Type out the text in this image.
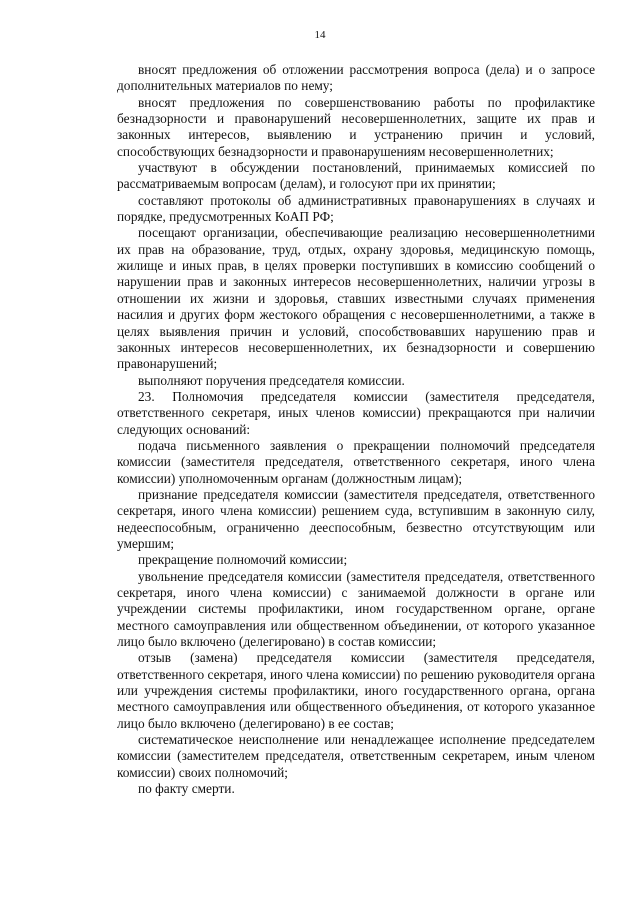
14

вносят предложения об отложении рассмотрения вопроса (дела) и о запросе дополнительных материалов по нему;

вносят предложения по совершенствованию работы по профилактике безнадзорности и правонарушений несовершеннолетних, защите их прав и законных интересов, выявлению и устранению причин и условий, способствующих безнадзорности и правонарушениям несовершеннолетних;

участвуют в обсуждении постановлений, принимаемых комиссией по рассматриваемым вопросам (делам), и голосуют при их принятии;

составляют протоколы об административных правонарушениях в случаях и порядке, предусмотренных КоАП РФ;

посещают организации, обеспечивающие реализацию несовершеннолетними их прав на образование, труд, отдых, охрану здоровья, медицинскую помощь, жилище и иных прав, в целях проверки поступивших в комиссию сообщений о нарушении прав и законных интересов несовершеннолетних, наличии угрозы в отношении их жизни и здоровья, ставших известными случаях применения насилия и других форм жестокого обращения с несовершеннолетними, а также в целях выявления причин и условий, способствовавших нарушению прав и законных интересов несовершеннолетних, их безнадзорности и совершению правонарушений;

выполняют поручения председателя комиссии.

23. Полномочия председателя комиссии (заместителя председателя, ответственного секретаря, иных членов комиссии) прекращаются при наличии следующих оснований:

подача письменного заявления о прекращении полномочий председателя комиссии (заместителя председателя, ответственного секретаря, иного члена комиссии) уполномоченным органам (должностным лицам);

признание председателя комиссии (заместителя председателя, ответственного секретаря, иного члена комиссии) решением суда, вступившим в законную силу, недееспособным, ограниченно дееспособным, безвестно отсутствующим или умершим;

прекращение полномочий комиссии;

увольнение председателя комиссии (заместителя председателя, ответственного секретаря, иного члена комиссии) с занимаемой должности в органе или учреждении системы профилактики, ином государственном органе, органе местного самоуправления или общественном объединении, от которого указанное лицо было включено (делегировано) в состав комиссии;

отзыв (замена) председателя комиссии (заместителя председателя, ответственного секретаря, иного члена комиссии) по решению руководителя органа или учреждения системы профилактики, иного государственного органа, органа местного самоуправления или общественного объединения, от которого указанное лицо было включено (делегировано) в ее состав;

систематическое неисполнение или ненадлежащее исполнение председателем комиссии (заместителем председателя, ответственным секретарем, иным членом комиссии) своих полномочий;

по факту смерти.
